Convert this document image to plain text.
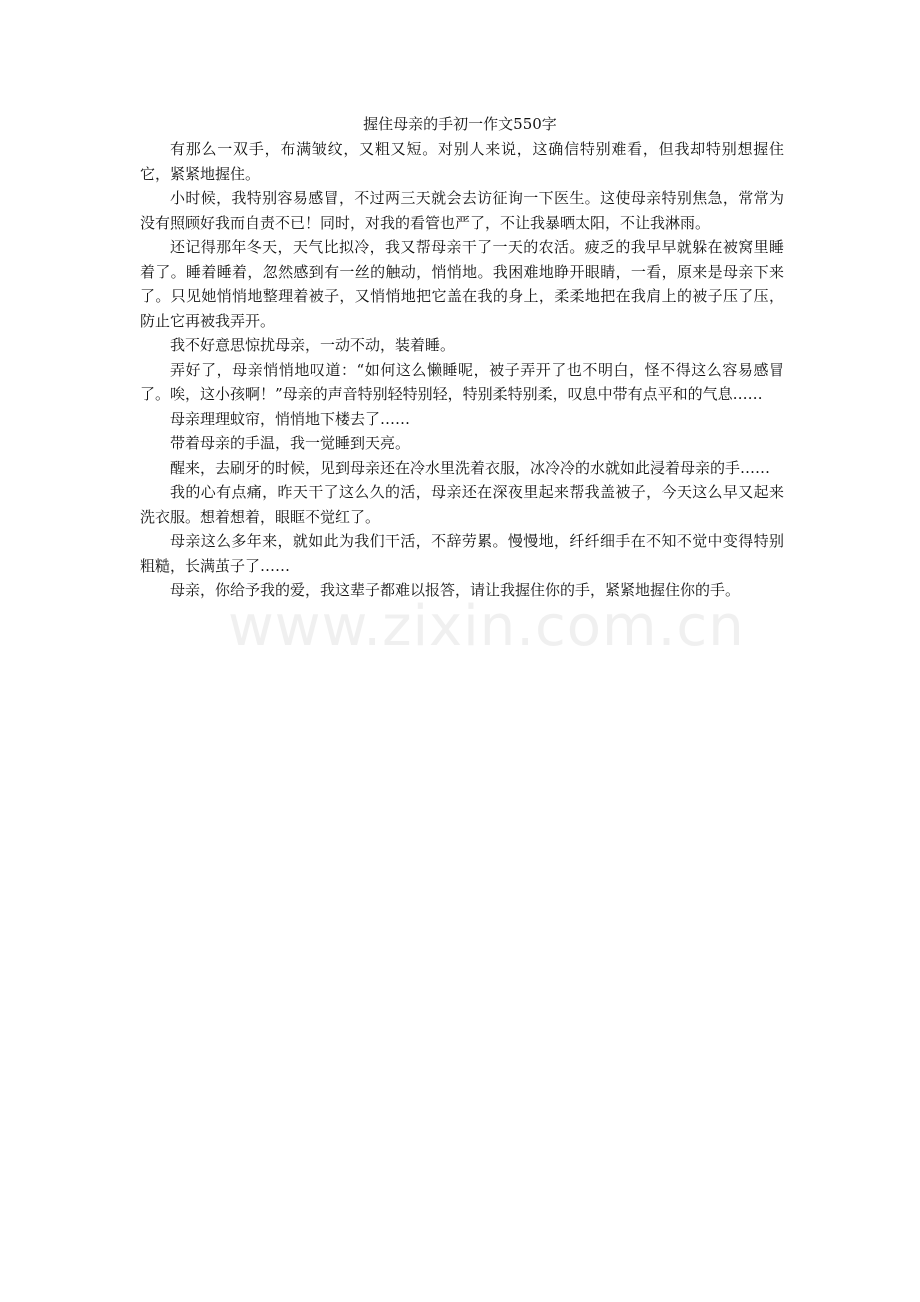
握住母亲的手初一作文550字

有那么一双手，布满皱纹，又粗又短。对别人来说，这确信特别难看，但我却特别想握住它，紧紧地握住。

小时候，我特别容易感冒，不过两三天就会去访征询一下医生。这使母亲特别焦急，常常为没有照顾好我而自责不已！同时，对我的看管也严了，不让我暴晒太阳，不让我淋雨。

还记得那年冬天，天气比拟冷，我又帮母亲干了一天的农活。疲乏的我早早就躲在被窝里睡着了。睡着睡着，忽然感到有一丝的触动，悄悄地。我困难地睁开眼睛，一看，原来是母亲下来了。只见她悄悄地整理着被子，又悄悄地把它盖在我的身上，柔柔地把在我肩上的被子压了压，防止它再被我弄开。

我不好意思惊扰母亲，一动不动，装着睡。

弄好了，母亲悄悄地叹道：“如何这么懒睡呢，被子弄开了也不明白，怪不得这么容易感冒了。唉，这小孩啊！”母亲的声音特别轻特别轻，特别柔特别柔，叹息中带有点平和的气息……

母亲理理蚊帘，悄悄地下楼去了……

带着母亲的手温，我一觉睡到天亮。

醒来，去刷牙的时候，见到母亲还在冷水里洗着衣服，冰冷冷的水就如此浸着母亲的手……

我的心有点痛，昨天干了这么久的活，母亲还在深夜里起来帮我盖被子，今天这么早又起来洗衣服。想着想着，眼眶不觉红了。

母亲这么多年来，就如此为我们干活，不辞劳累。慢慢地，纤纤细手在不知不觉中变得特别粗糙，长满茧子了……

母亲，你给予我的爱，我这辈子都难以报答，请让我握住你的手，紧紧地握住你的手。

www.zixin.com.cn
